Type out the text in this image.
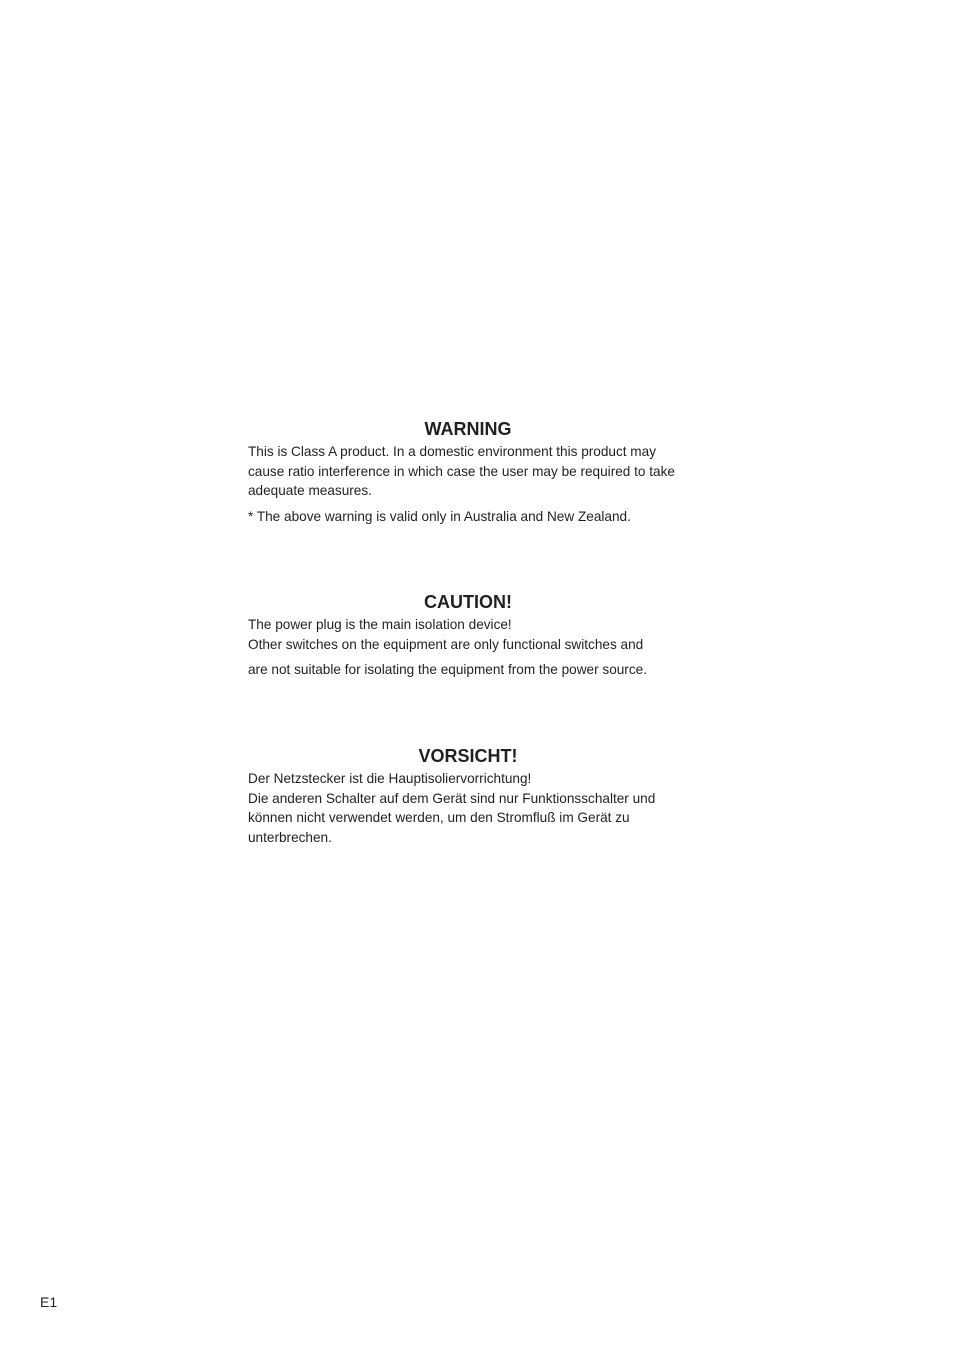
WARNING

This is Class A product. In a domestic environment this product may cause ratio interference in which case the user may be required to take adequate measures.

* The above warning is valid only in Australia and New Zealand.

CAUTION!

The power plug is the main isolation device!

Other switches on the equipment are only functional switches and

are not suitable for isolating the equipment from the power source.

VORSICHT!

Der Netzstecker ist die Hauptisoliervorrichtung!

Die anderen Schalter auf dem Gerät sind nur Funktionsschalter und können nicht verwendet werden, um den Stromfluß im Gerät zu unterbrechen.

E1
